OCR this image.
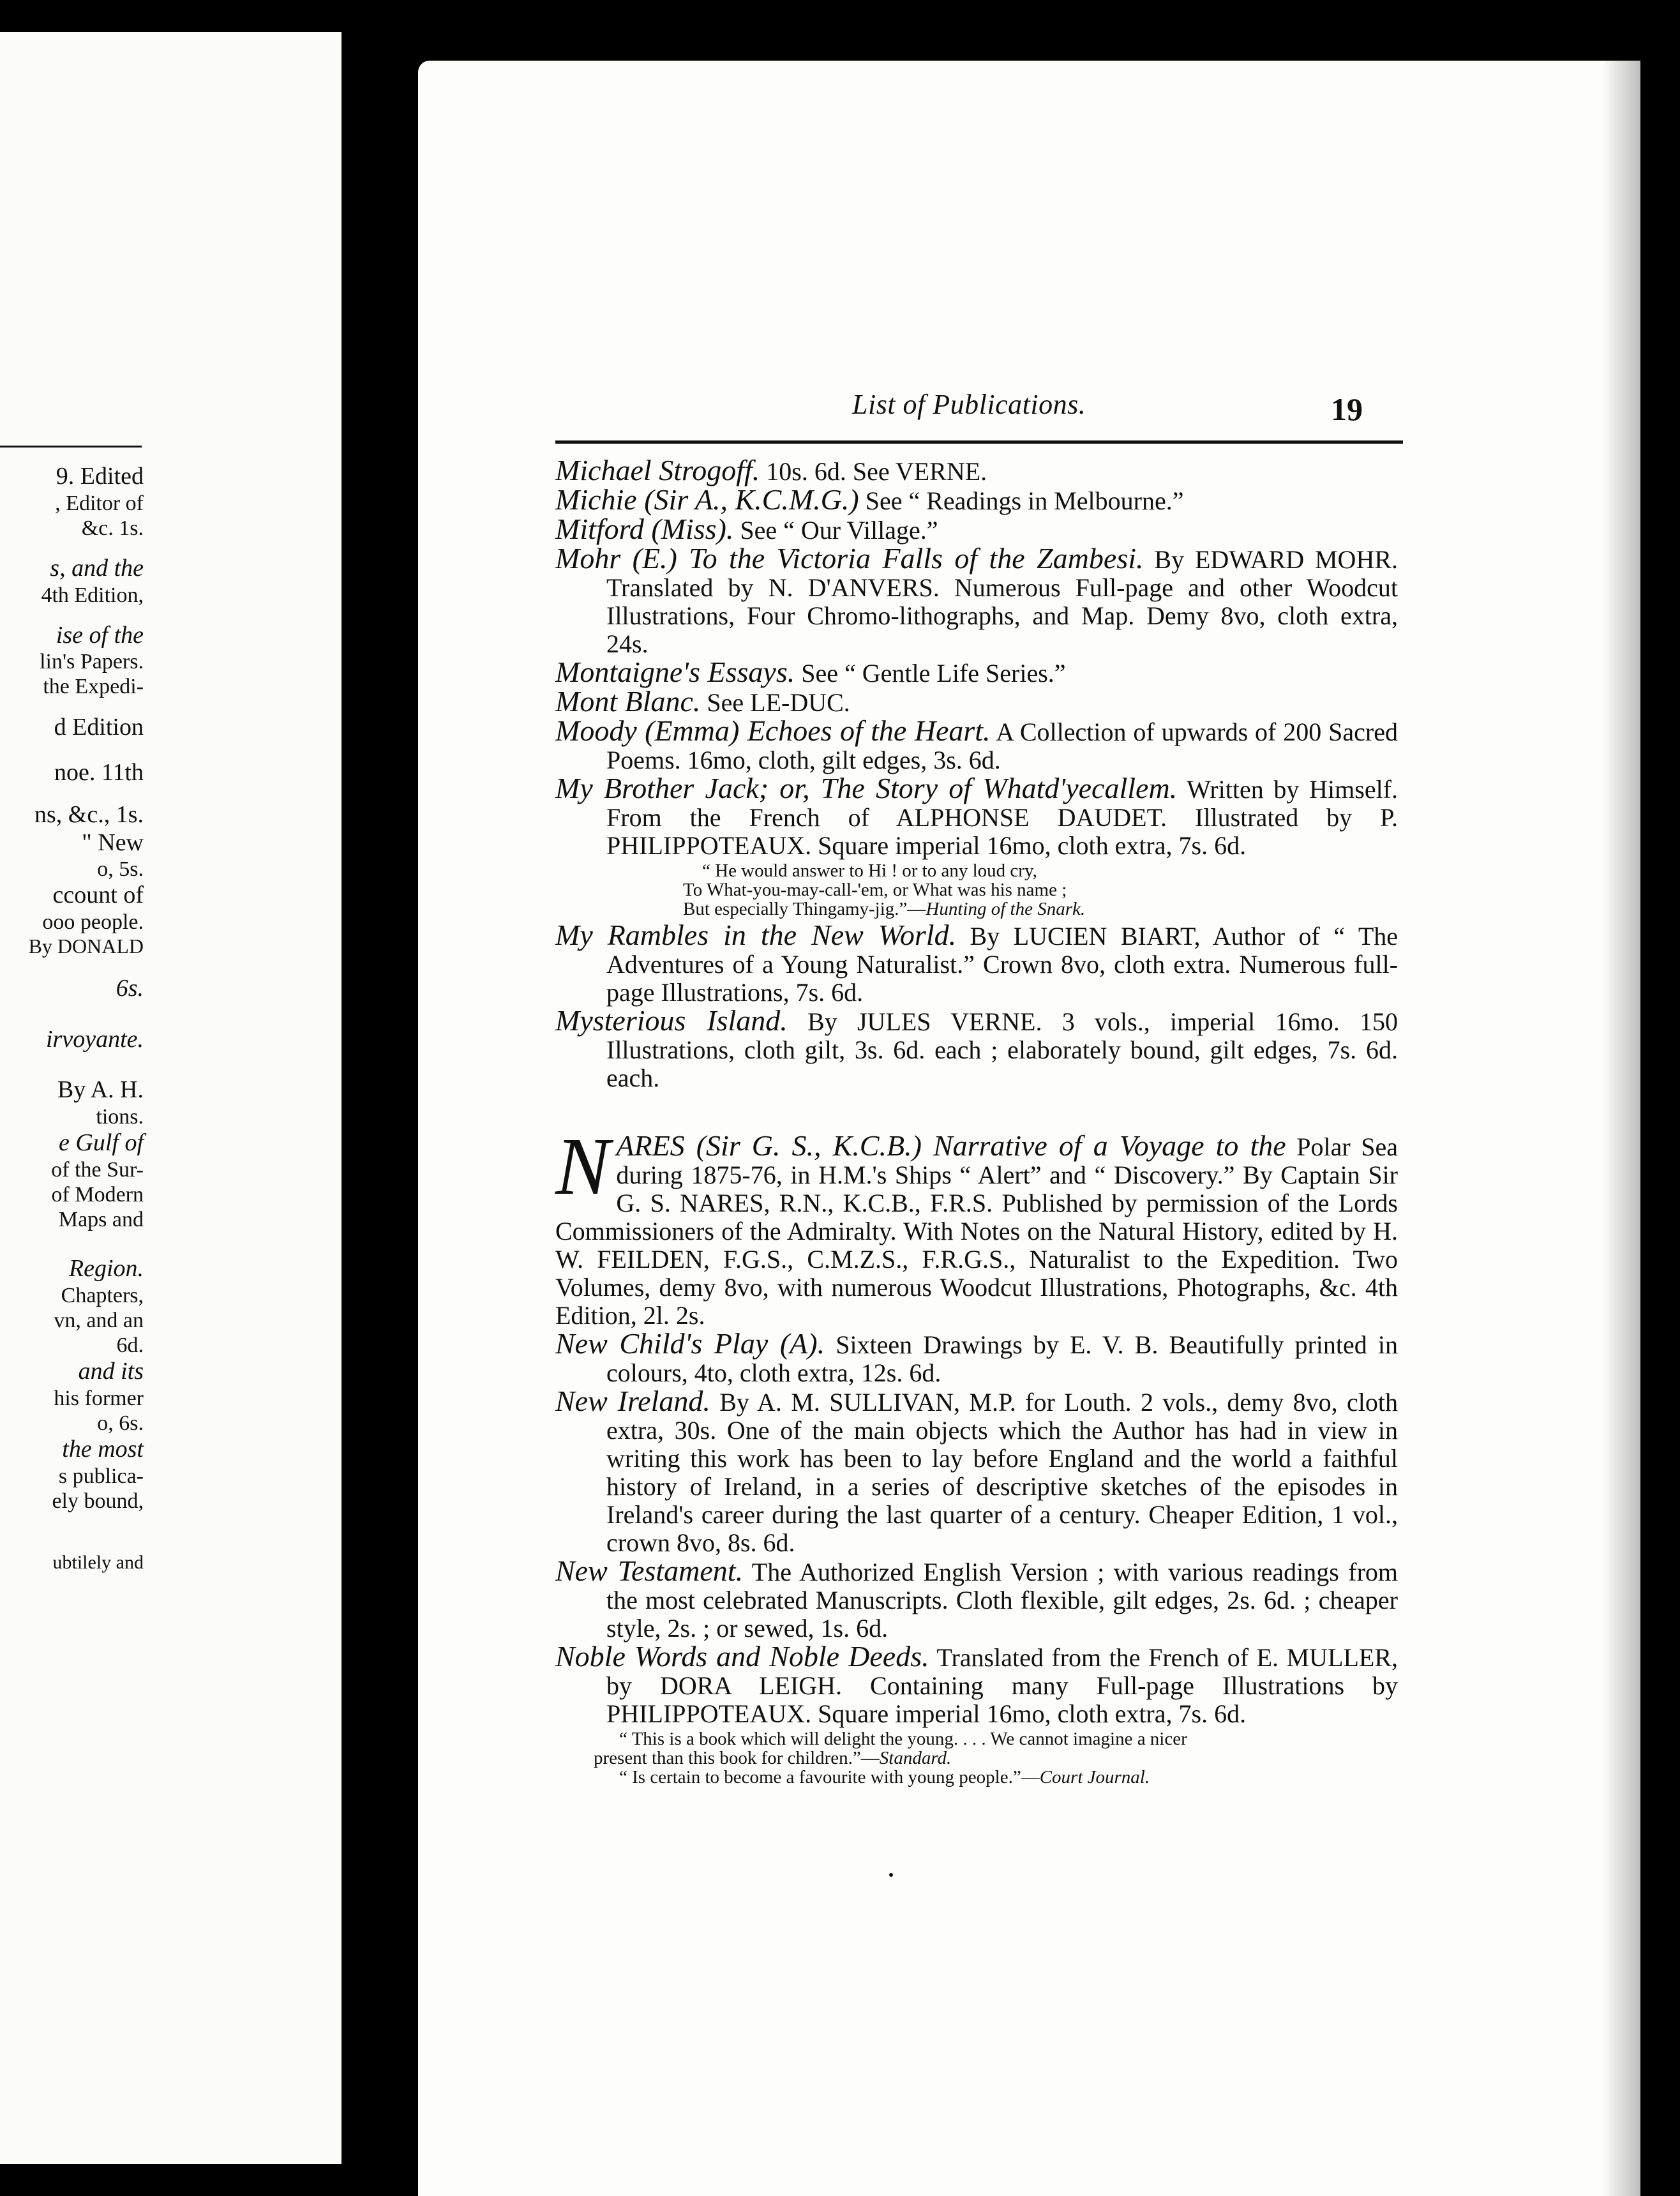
9. Edited
, Editor of
&c. 1s.
s, and the
4th Edition,
ise of the
lin's Papers.
the Expedi-
d Edition
noe. 11th
ns, &c., 1s.
" New
o, 5s.
ccount of
ooo people.
By DONALD
6s.
irvoyante.
By A. H.
tions.
e Gulf of
of the Sur-
of Modern
Maps and
Region.
Chapters,
vn, and an
6d.
and its
his former
o, 6s.
the most
s publica-
ely bound,
ubtilely and
List of Publications.	19

Michael Strogoff. 10s. 6d. See VERNE.

Michie (Sir A., K.C.M.G.) See “ Readings in Melbourne.”

Mitford (Miss). See “ Our Village.”

Mohr (E.) To the Victoria Falls of the Zambesi. By EDWARD MOHR. Translated by N. D'ANVERS. Numerous Full-page and other Woodcut Illustrations, Four Chromo-lithographs, and Map. Demy 8vo, cloth extra, 24s.

Montaigne's Essays. See “ Gentle Life Series.”

Mont Blanc. See LE-DUC.

Moody (Emma) Echoes of the Heart. A Collection of upwards of 200 Sacred Poems. 16mo, cloth, gilt edges, 3s. 6d.

My Brother Jack; or, The Story of Whatd'yecallem. Written by Himself. From the French of ALPHONSE DAUDET. Illustrated by P. PHILIPPOTEAUX. Square imperial 16mo, cloth extra, 7s. 6d.

“ He would answer to Hi ! or to any loud cry,
To What-you-may-call-'em, or What was his name ;
But especially Thingamy-jig.”—Hunting of the Snark.

My Rambles in the New World. By LUCIEN BIART, Author of “ The Adventures of a Young Naturalist.” Crown 8vo, cloth extra. Numerous full-page Illustrations, 7s. 6d.

Mysterious Island. By JULES VERNE. 3 vols., imperial 16mo. 150 Illustrations, cloth gilt, 3s. 6d. each ; elaborately bound, gilt edges, 7s. 6d. each.

NARES (Sir G. S., K.C.B.) Narrative of a Voyage to the Polar Sea during 1875-76, in H.M.'s Ships “ Alert” and “ Discovery.” By Captain Sir G. S. NARES, R.N., K.C.B., F.R.S. Published by permission of the Lords Commissioners of the Admiralty. With Notes on the Natural History, edited by H. W. FEILDEN, F.G.S., C.M.Z.S., F.R.G.S., Naturalist to the Expedition. Two Volumes, demy 8vo, with numerous Woodcut Illustrations, Photographs, &c. 4th Edition, 2l. 2s.

New Child's Play (A). Sixteen Drawings by E. V. B. Beautifully printed in colours, 4to, cloth extra, 12s. 6d.

New Ireland. By A. M. SULLIVAN, M.P. for Louth. 2 vols., demy 8vo, cloth extra, 30s. One of the main objects which the Author has had in view in writing this work has been to lay before England and the world a faithful history of Ireland, in a series of descriptive sketches of the episodes in Ireland's career during the last quarter of a century. Cheaper Edition, 1 vol., crown 8vo, 8s. 6d.

New Testament. The Authorized English Version ; with various readings from the most celebrated Manuscripts. Cloth flexible, gilt edges, 2s. 6d. ; cheaper style, 2s. ; or sewed, 1s. 6d.

Noble Words and Noble Deeds. Translated from the French of E. MULLER, by DORA LEIGH. Containing many Full-page Illustrations by PHILIPPOTEAUX. Square imperial 16mo, cloth extra, 7s. 6d.

“ This is a book which will delight the young. . . . We cannot imagine a nicer
present than this book for children.”—Standard.
“ Is certain to become a favourite with young people.”—Court Journal.
